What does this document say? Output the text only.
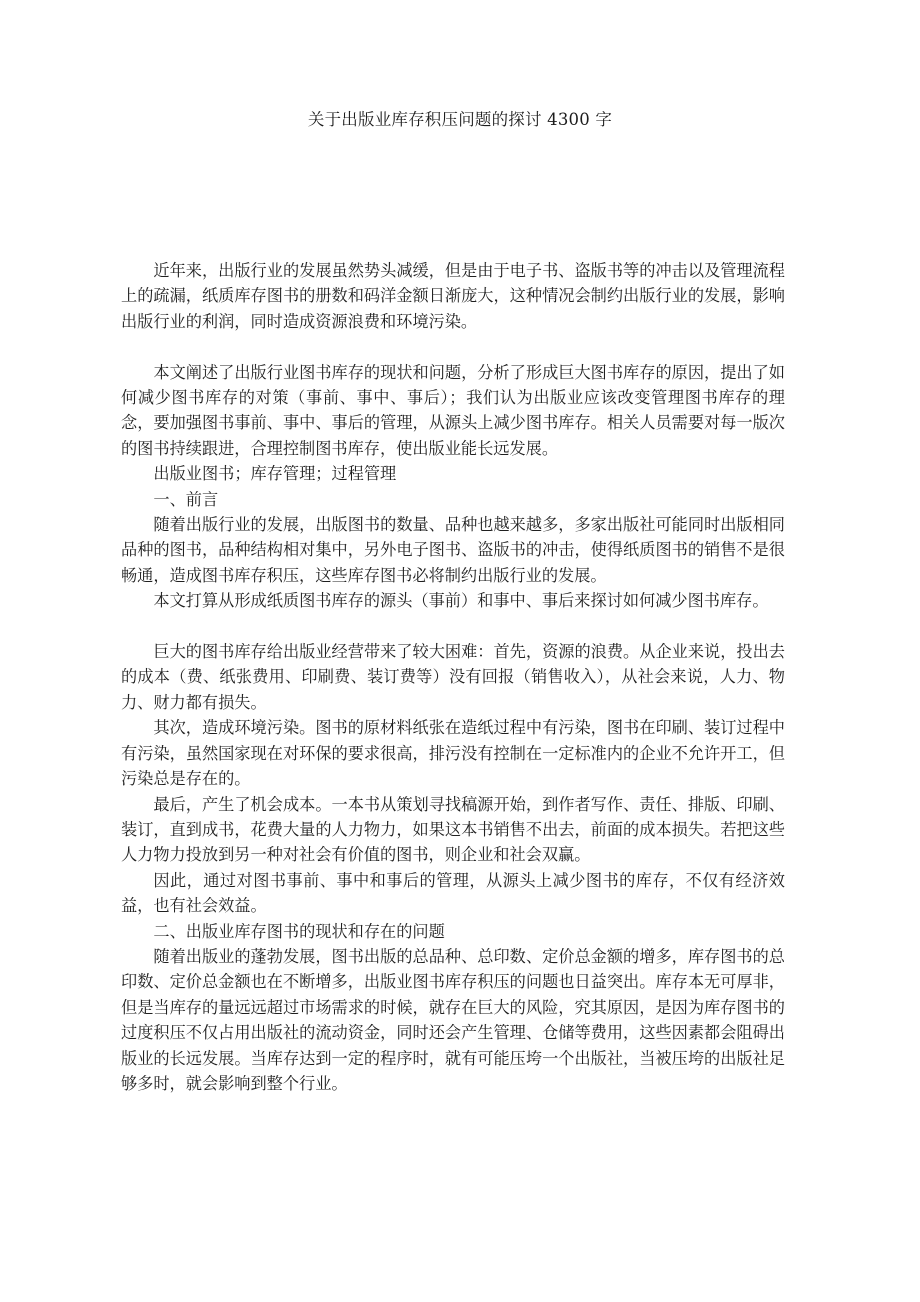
关于出版业库存积压问题的探讨 4300 字

近年来，出版行业的发展虽然势头减缓，但是由于电子书、盗版书等的冲击以及管理流程上的疏漏，纸质库存图书的册数和码洋金额日渐庞大，这种情况会制约出版行业的发展，影响出版行业的利润，同时造成资源浪费和环境污染。

本文阐述了出版行业图书库存的现状和问题，分析了形成巨大图书库存的原因，提出了如何减少图书库存的对策（事前、事中、事后）；我们认为出版业应该改变管理图书库存的理念，要加强图书事前、事中、事后的管理，从源头上减少图书库存。相关人员需要对每一版次的图书持续跟进，合理控制图书库存，使出版业能长远发展。

出版业图书；库存管理；过程管理

一、前言

随着出版行业的发展，出版图书的数量、品种也越来越多，多家出版社可能同时出版相同品种的图书，品种结构相对集中，另外电子图书、盗版书的冲击，使得纸质图书的销售不是很畅通，造成图书库存积压，这些库存图书必将制约出版行业的发展。

本文打算从形成纸质图书库存的源头（事前）和事中、事后来探讨如何减少图书库存。

巨大的图书库存给出版业经营带来了较大困难：首先，资源的浪费。从企业来说，投出去的成本（费、纸张费用、印刷费、装订费等）没有回报（销售收入），从社会来说，人力、物力、财力都有损失。

其次，造成环境污染。图书的原材料纸张在造纸过程中有污染，图书在印刷、装订过程中有污染，虽然国家现在对环保的要求很高，排污没有控制在一定标准内的企业不允许开工，但污染总是存在的。

最后，产生了机会成本。一本书从策划寻找稿源开始，到作者写作、责任、排版、印刷、装订，直到成书，花费大量的人力物力，如果这本书销售不出去，前面的成本损失。若把这些人力物力投放到另一种对社会有价值的图书，则企业和社会双赢。

因此，通过对图书事前、事中和事后的管理，从源头上减少图书的库存，不仅有经济效益，也有社会效益。

二、出版业库存图书的现状和存在的问题

随着出版业的蓬勃发展，图书出版的总品种、总印数、定价总金额的增多，库存图书的总印数、定价总金额也在不断增多，出版业图书库存积压的问题也日益突出。库存本无可厚非，但是当库存的量远远超过市场需求的时候，就存在巨大的风险，究其原因，是因为库存图书的过度积压不仅占用出版社的流动资金，同时还会产生管理、仓储等费用，这些因素都会阻碍出版业的长远发展。当库存达到一定的程序时，就有可能压垮一个出版社，当被压垮的出版社足够多时，就会影响到整个行业。
